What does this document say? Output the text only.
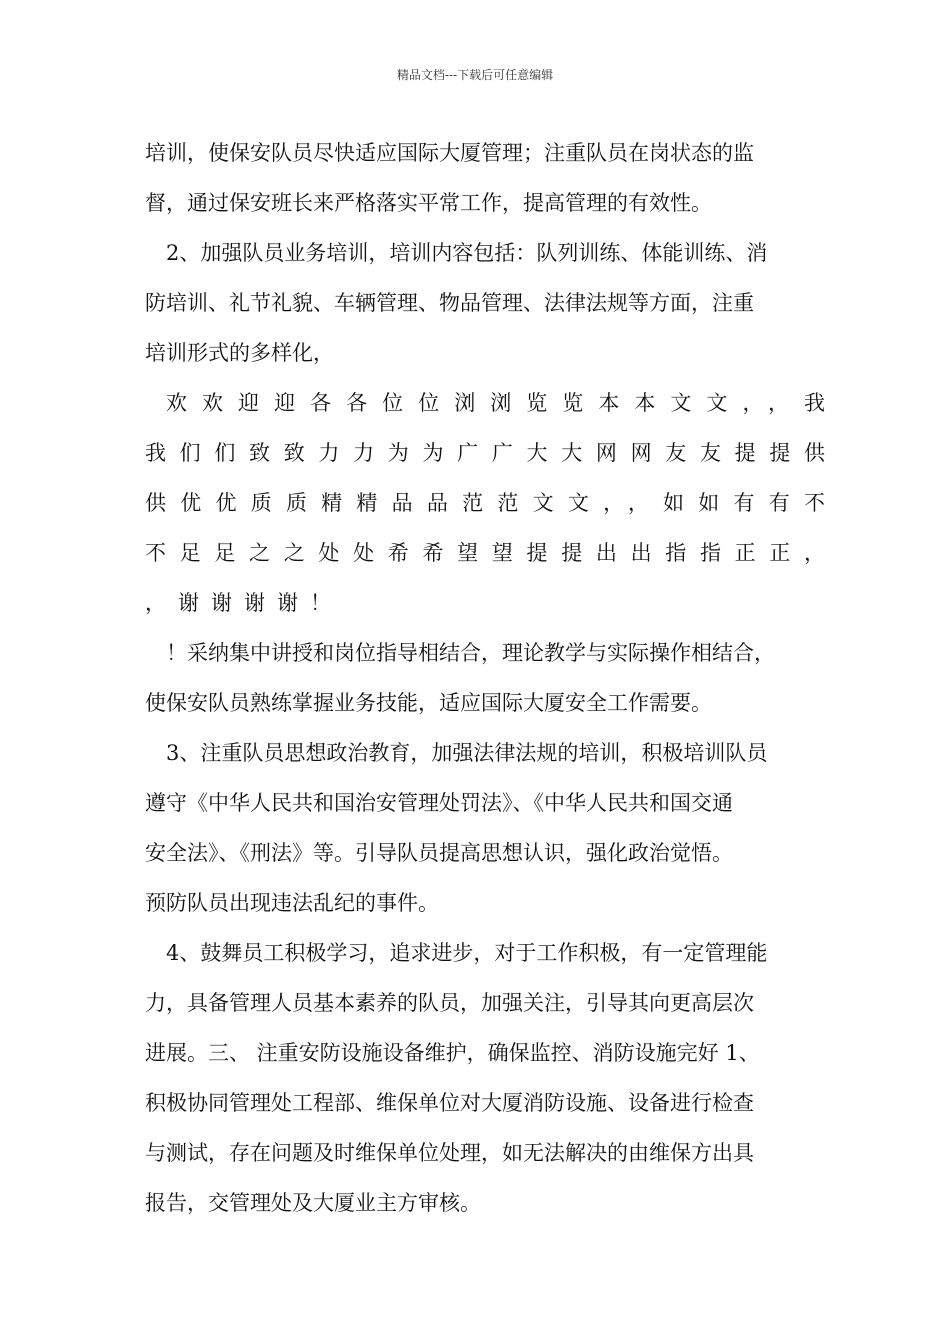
精品文档---下载后可任意编辑
培训，使保安队员尽快适应国际大厦管理；注重队员在岗状态的监
督，通过保安班长来严格落实平常工作，提高管理的有效性。
2、加强队员业务培训，培训内容包括：队列训练、体能训练、消
防培训、礼节礼貌、车辆管理、物品管理、法律法规等方面，注重
培训形式的多样化，
欢欢迎迎各各位位浏浏览览本本文文，，我
我们们致致力力为为广广大大网网友友提提供
供优优质质精精品品范范文文，，如如有有不
不足足之之处处希希望望提提出出指指正正，
，谢谢谢谢！
！采纳集中讲授和岗位指导相结合，理论教学与实际操作相结合，
使保安队员熟练掌握业务技能，适应国际大厦安全工作需要。
3、注重队员思想政治教育，加强法律法规的培训，积极培训队员
遵守《中华人民共和国治安管理处罚法》、《中华人民共和国交通
安全法》、《刑法》等。引导队员提高思想认识，强化政治觉悟。
预防队员出现违法乱纪的事件。
4、鼓舞员工积极学习，追求进步，对于工作积极，有一定管理能
力，具备管理人员基本素养的队员，加强关注，引导其向更高层次
进展。三、 注重安防设施设备维护，确保监控、消防设施完好 1、
积极协同管理处工程部、维保单位对大厦消防设施、设备进行检查
与测试，存在问题及时维保单位处理，如无法解决的由维保方出具
报告，交管理处及大厦业主方审核。
